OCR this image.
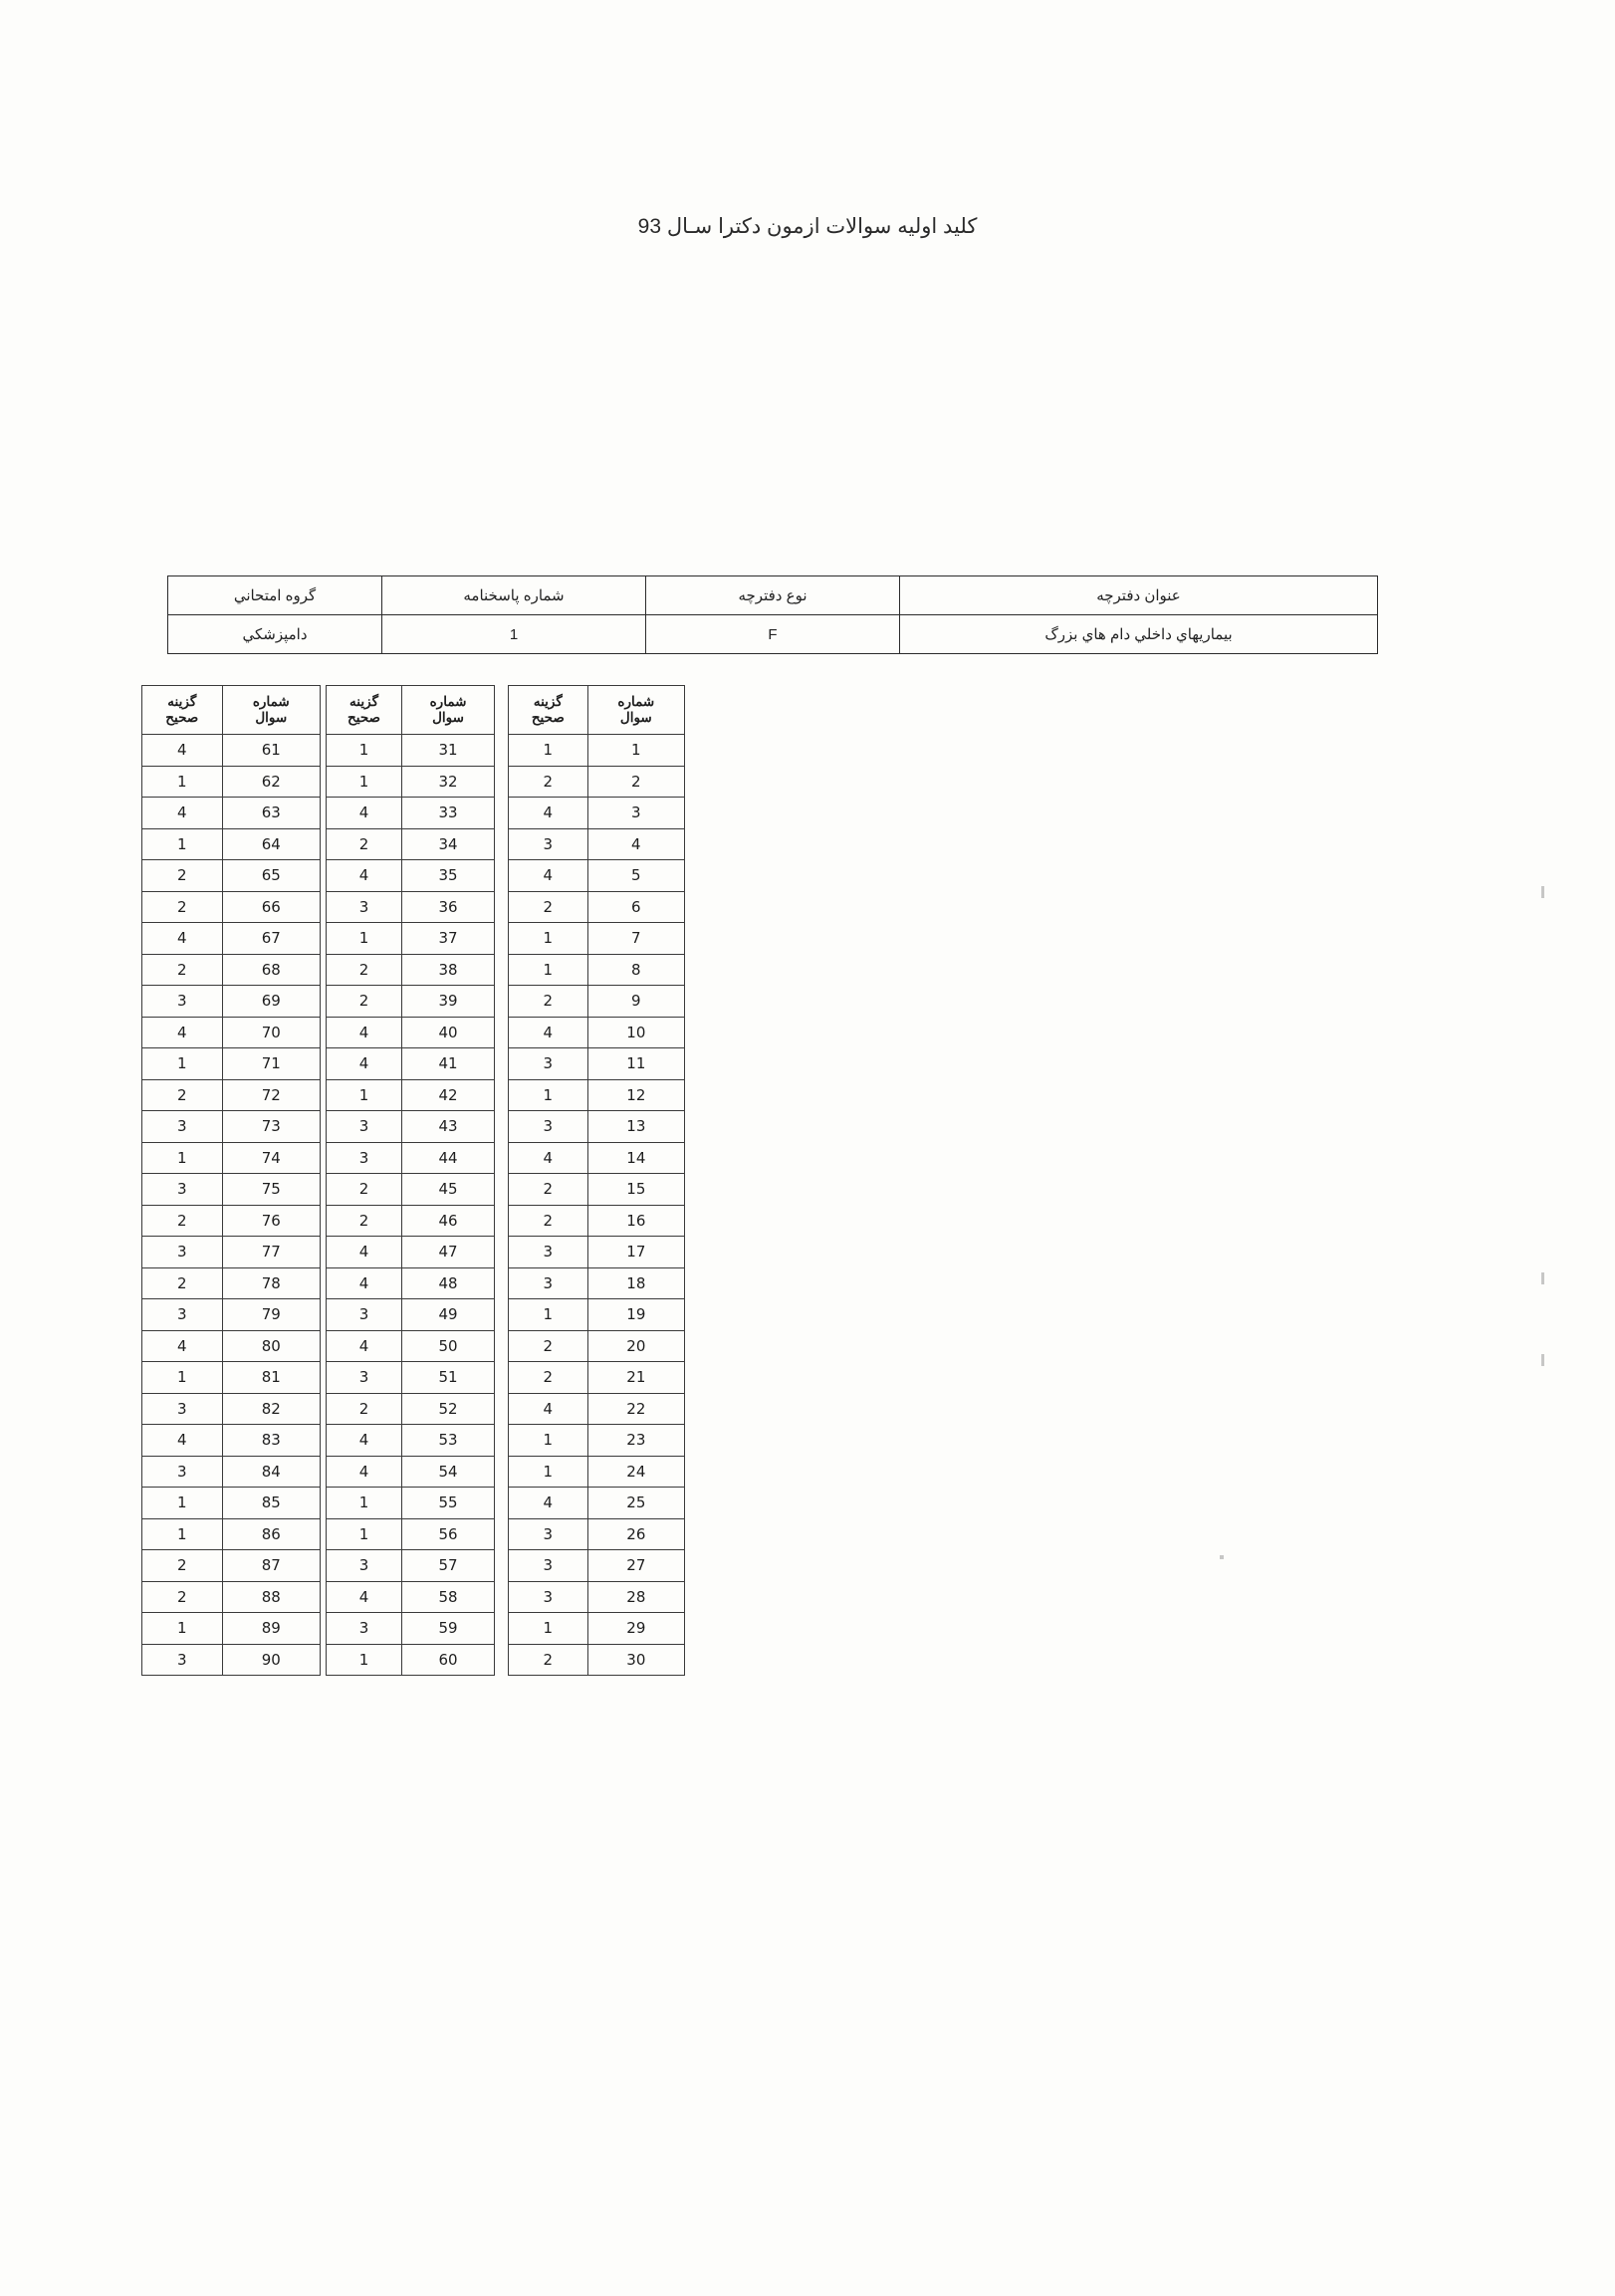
كليد اوليه سوالات ازمون دكترا سـال 93
عنوان دفترچه	نوع دفترچه	شماره پاسخنامه	گروه امتحاني
بيماريهاي داخلي دام هاي بزرگ	F	1	دامپزشكي
شماره
سوال

گزينه
صحيح

1	1
2	2
3	4
4	3
5	4
6	2
7	1
8	1
9	2
10	4
11	3
12	1
13	3
14	4
15	2
16	2
17	3
18	3
19	1
20	2
21	2
22	4
23	1
24	1
25	4
26	3
27	3
28	3
29	1
30	2
شماره
سوال

گزينه
صحيح

31	1
32	1
33	4
34	2
35	4
36	3
37	1
38	2
39	2
40	4
41	4
42	1
43	3
44	3
45	2
46	2
47	4
48	4
49	3
50	4
51	3
52	2
53	4
54	4
55	1
56	1
57	3
58	4
59	3
60	1
شماره
سوال

گزينه
صحيح

61	4
62	1
63	4
64	1
65	2
66	2
67	4
68	2
69	3
70	4
71	1
72	2
73	3
74	1
75	3
76	2
77	3
78	2
79	3
80	4
81	1
82	3
83	4
84	3
85	1
86	1
87	2
88	2
89	1
90	3
